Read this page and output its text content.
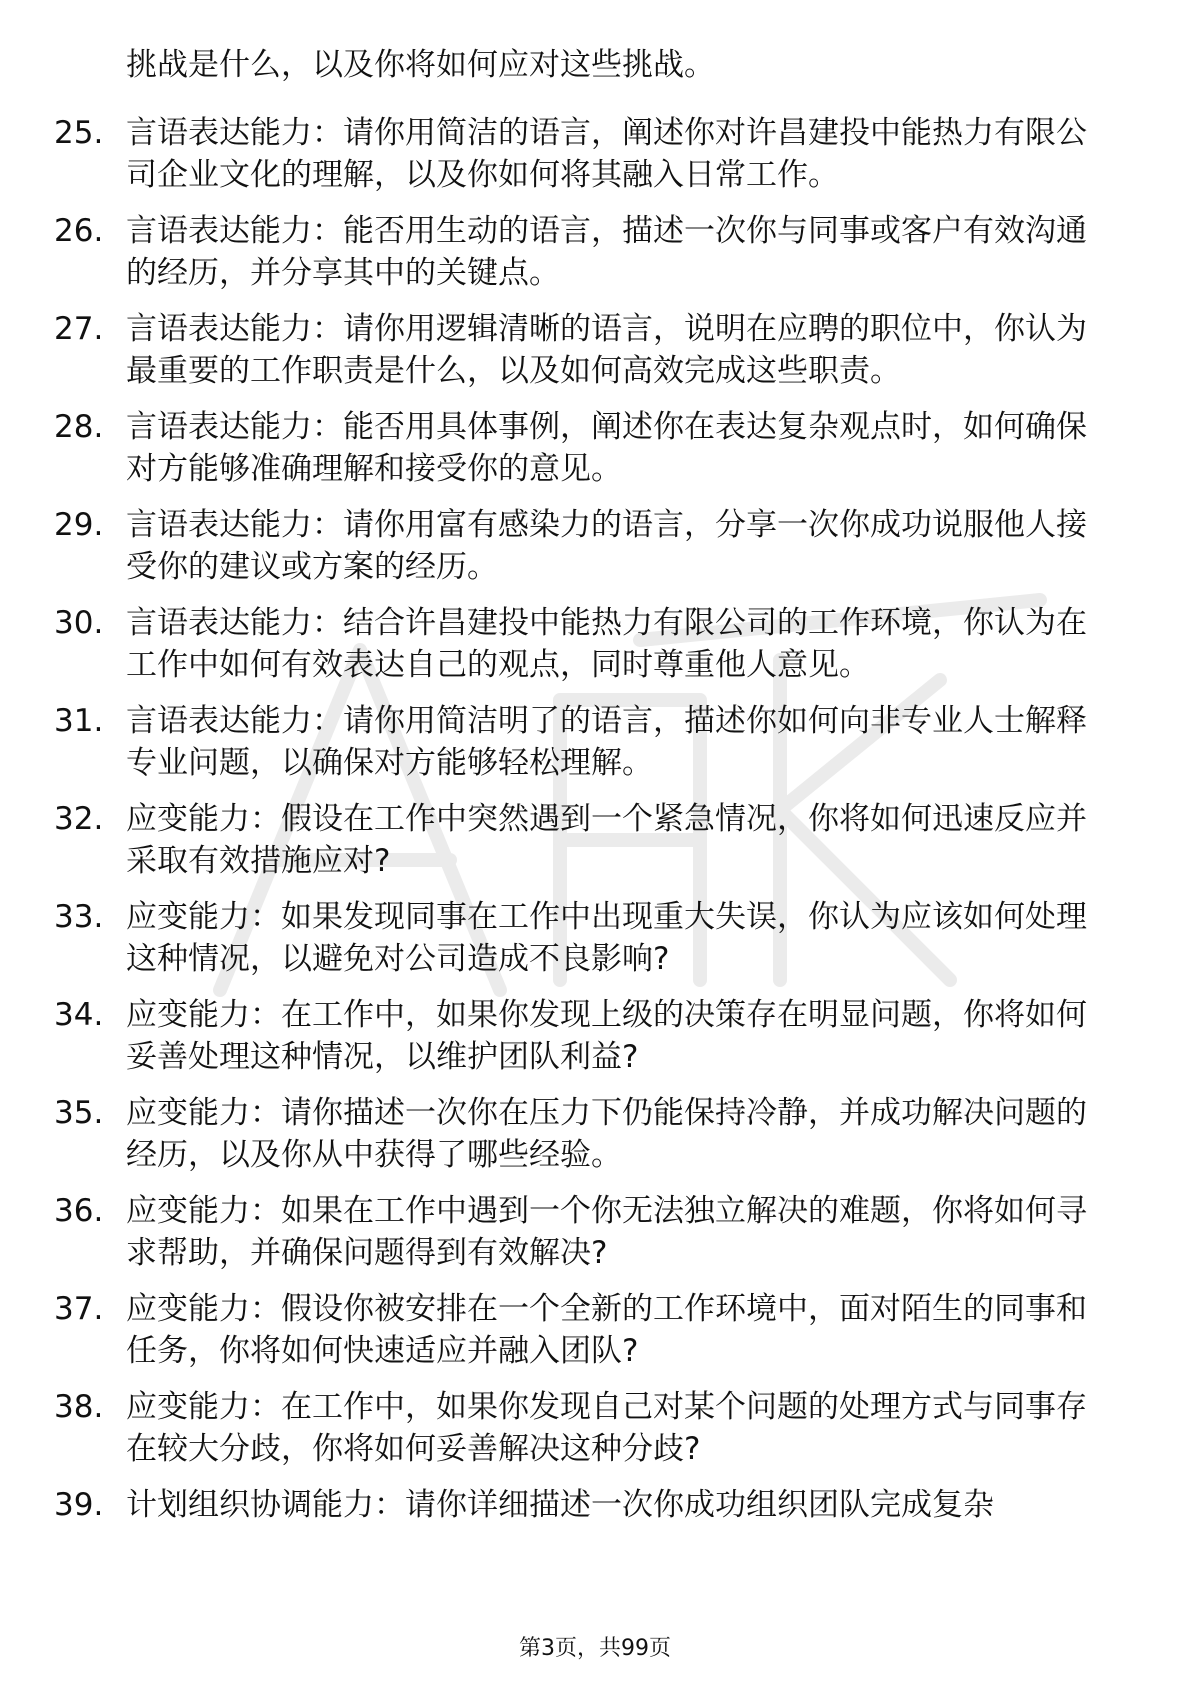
挑战是什么，以及你将如何应对这些挑战。
25. 言语表达能力：请你用简洁的语言，阐述你对许昌建投中能热力有限公司企业文化的理解，以及你如何将其融入日常工作。
26. 言语表达能力：能否用生动的语言，描述一次你与同事或客户有效沟通的经历，并分享其中的关键点。
27. 言语表达能力：请你用逻辑清晰的语言，说明在应聘的职位中，你认为最重要的工作职责是什么，以及如何高效完成这些职责。
28. 言语表达能力：能否用具体事例，阐述你在表达复杂观点时，如何确保对方能够准确理解和接受你的意见。
29. 言语表达能力：请你用富有感染力的语言，分享一次你成功说服他人接受你的建议或方案的经历。
30. 言语表达能力：结合许昌建投中能热力有限公司的工作环境，你认为在工作中如何有效表达自己的观点，同时尊重他人意见。
31. 言语表达能力：请你用简洁明了的语言，描述你如何向非专业人士解释专业问题，以确保对方能够轻松理解。
32. 应变能力：假设在工作中突然遇到一个紧急情况，你将如何迅速反应并采取有效措施应对?
33. 应变能力：如果发现同事在工作中出现重大失误，你认为应该如何处理这种情况，以避免对公司造成不良影响?
34. 应变能力：在工作中，如果你发现上级的决策存在明显问题，你将如何妥善处理这种情况，以维护团队利益?
35. 应变能力：请你描述一次你在压力下仍能保持冷静，并成功解决问题的经历，以及你从中获得了哪些经验。
36. 应变能力：如果在工作中遇到一个你无法独立解决的难题，你将如何寻求帮助，并确保问题得到有效解决?
37. 应变能力：假设你被安排在一个全新的工作环境中，面对陌生的同事和任务，你将如何快速适应并融入团队?
38. 应变能力：在工作中，如果你发现自己对某个问题的处理方式与同事存在较大分歧，你将如何妥善解决这种分歧?
39. 计划组织协调能力：请你详细描述一次你成功组织团队完成复杂
第3页，共99页
